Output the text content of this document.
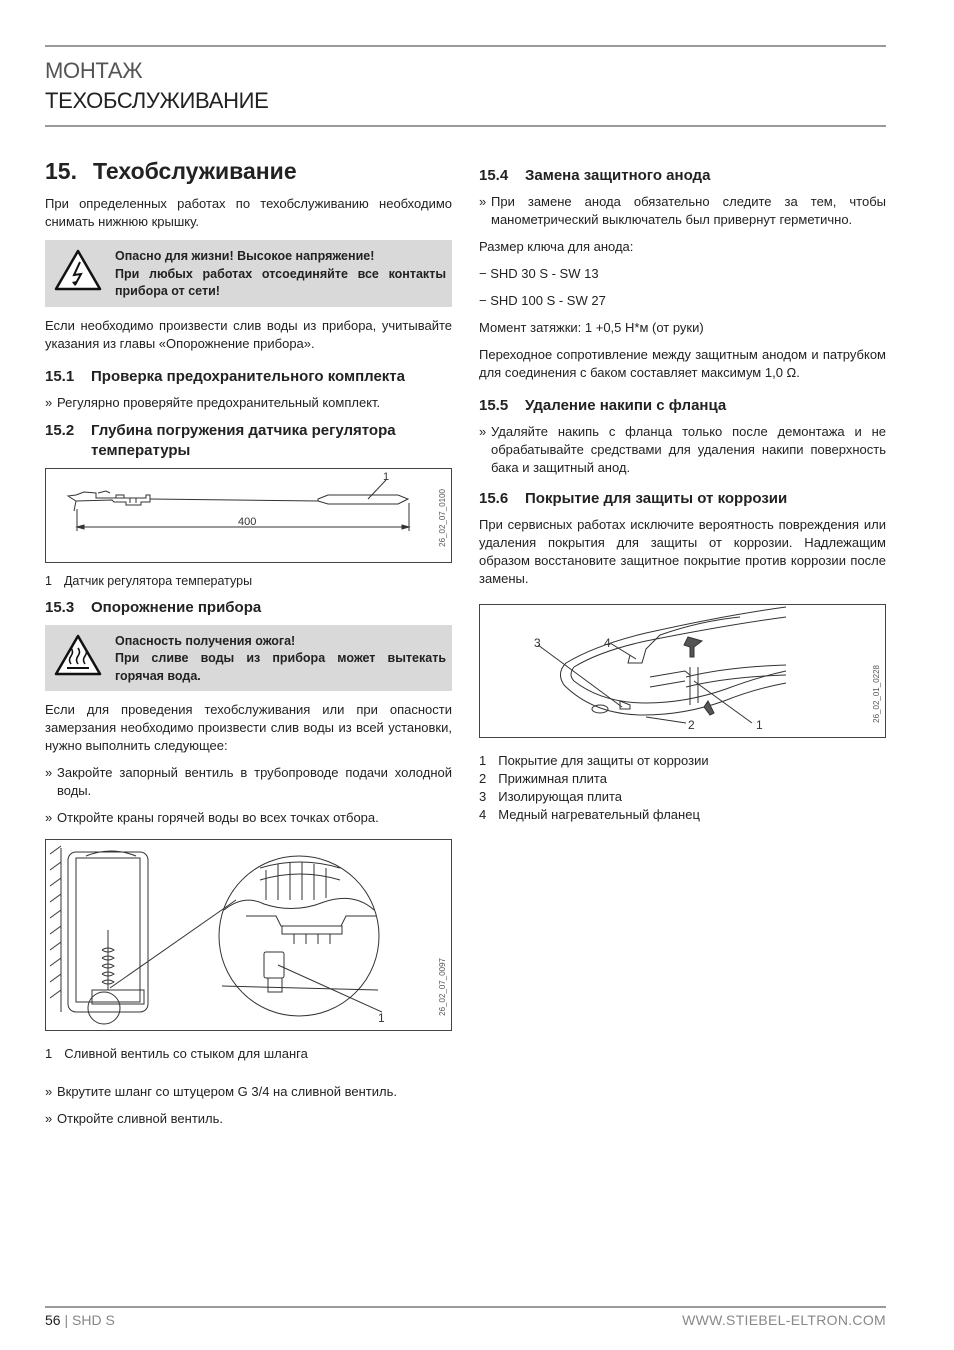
МОНТАЖ
ТЕХОБСЛУЖИВАНИЕ
15. Техобслуживание

При определенных работах по техобслуживанию необходимо снимать нижнюю крышку.

Опасно для жизни! Высокое напряжение!
При любых работах отсоединяйте все контакты прибора от сети!

Если необходимо произвести слив воды из прибора, учитывайте указания из главы «Опорожнение прибора».

15.1	Проверка предохранительного комплекта
» Регулярно проверяйте предохранительный комплект.
15.2	Глубина погружения датчика регулятора температуры
1
400	26_02_07_0100
1 Датчик регулятора температуры
15.3	Опорожнение прибора
Опасность получения ожога!
При сливе воды из прибора может вытекать горячая вода.

Если для проведения техобслуживания или при опасности замерзания необходимо произвести слив воды из всей установки, нужно выполнить следующее:

» Закройте запорный вентиль в трубопроводе подачи холодной воды.
» Откройте краны горячей воды во всех точках отбора.
1
26_02_07_0097
1 Сливной вентиль со стыком для шланга
» Вкрутите шланг со штуцером G 3/4 на сливной вентиль.
» Откройте сливной вентиль.
15.4	Замена защитного анода
» При замене анода обязательно следите за тем, чтобы манометрический выключатель был привернут герметично.

Размер ключа для анода:

− SHD 30 S - SW 13

− SHD 100 S - SW 27

Момент затяжки: 1 +0,5 Н*м (от руки)

Переходное сопротивление между защитным анодом и патрубком для соединения с баком составляет максимум 1,0 Ω.

15.5	Удаление накипи с фланца
» Удаляйте накипь с фланца только после демонтажа и не обрабатывайте средствами для удаления накипи поверхность бака и защитный анод.
15.6	Покрытие для защиты от коррозии

При сервисных работах исключите вероятность повреждения или удаления покрытия для защиты от коррозии. Надлежащим образом восстановите защитное покрытие против коррозии после замены.

3	4
2	1
26_02_01_0228
1 Покрытие для защиты от коррозии
2 Прижимная плита
3 Изолирующая плита
4 Медный нагревательный фланец
56 | SHD S	WWW.STIEBEL-ELTRON.COM
